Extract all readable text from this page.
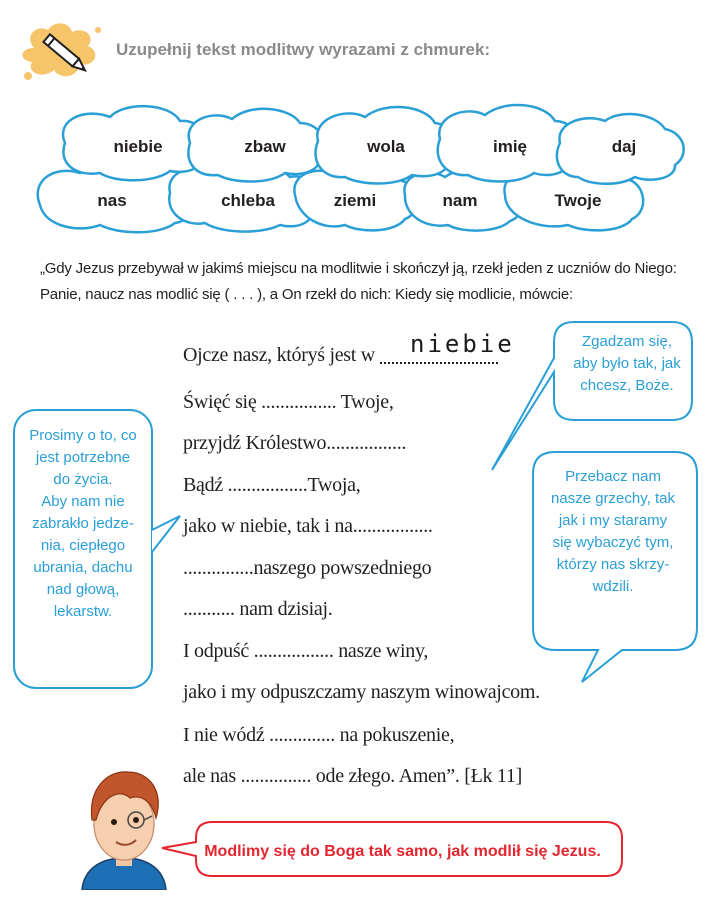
Uzupełnij tekst modlitwy wyrazami z chmurek:
niebie	zbaw	wola	imię	daj
nas	chleba	ziemi	nam	Twoje
„Gdy Jezus przebywał w jakimś miejscu na modlitwie i skończył ją, rzekł jeden z uczniów do Niego: Panie, naucz nas modlić się ( . . . ), a On rzekł do nich: Kiedy się modlicie, mówcie:
Prosimy o to, co
jest potrzebne
do życia.
Aby nam nie
zabrakło jedze-
nia, ciepłego
ubrania, dachu
nad głową,
lekarstw.
Zgadzam się,
aby było tak, jak
chcesz, Boże.
Przebacz nam
nasze grzechy, tak
jak i my staramy
się wybaczyć tym,
którzy nas skrzy-
wdzili.
Ojcze nasz, któryś jest w	niebie
Święć się ................ Twoje,
przyjdź Królestwo.................
Bądź .................Twoja,
jako w niebie, tak i na.................
...............naszego powszedniego
........... nam dzisiaj.
I odpuść ................. nasze winy,
jako i my odpuszczamy naszym winowajcom.
I nie wódź .............. na pokuszenie,
ale nas ............... ode złego. Amen”. [Łk 11]
Modlimy się do Boga tak samo, jak modlił się Jezus.
